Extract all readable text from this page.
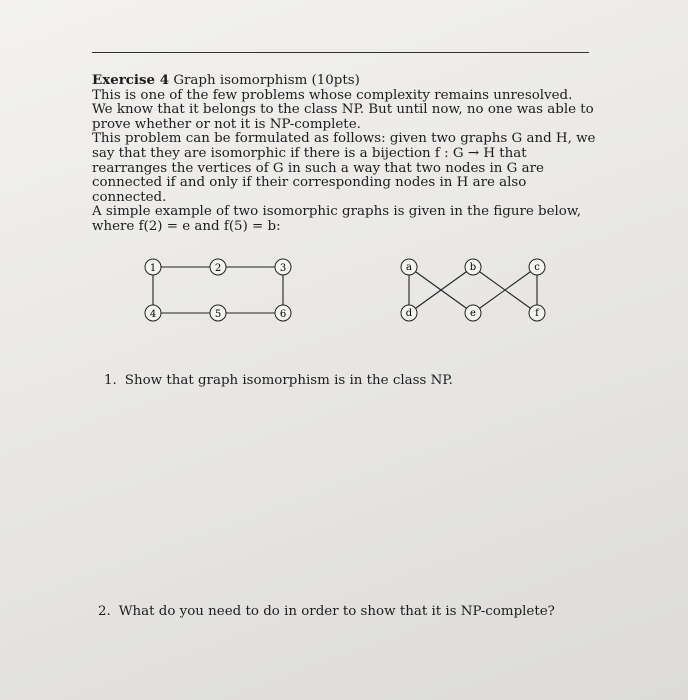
Exercise 4 Graph isomorphism (10pts)

This is one of the few problems whose complexity remains unresolved. We know that it belongs to the class NP. But until now, no one was able to prove whether or not it is NP-complete.

This problem can be formulated as follows: given two graphs G and H, we say that they are isomorphic if there is a bijection f : G → H that rearranges the vertices of G in such a way that two nodes in G are connected if and only if their corresponding nodes in H are also connected.

A simple example of two isomorphic graphs is given in the figure below, where f(2) = e and f(5) = b:

1	2	3
4	5	6
a	b	c
d	e	f
1. Show that graph isomorphism is in the class NP.
2. What do you need to do in order to show that it is NP-complete?
